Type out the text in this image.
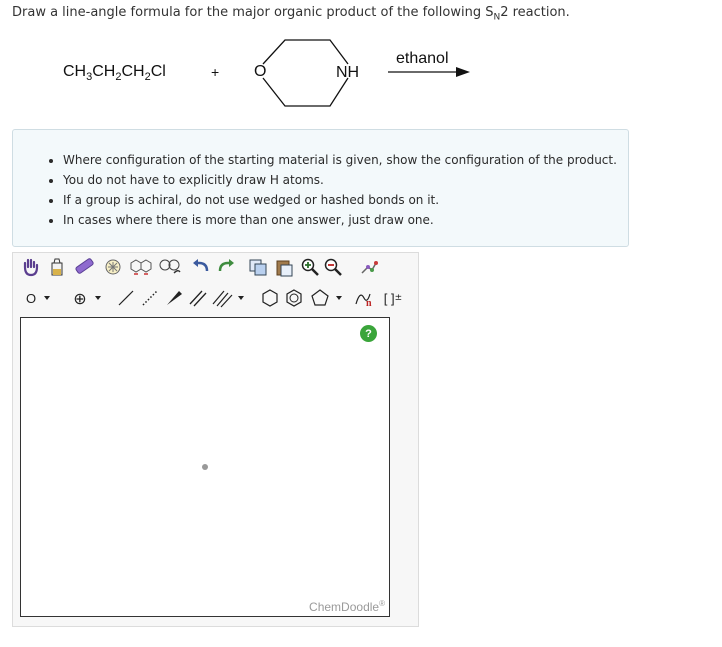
Draw a line-angle formula for the major organic product of the following $S_N2$ reaction.
$CH_3CH_2CH_2Cl$	+ O	NH
ethanol
• Where configuration of the starting material is given, show the configuration of the product.
• You do not have to explicitly draw H atoms.
• If a group is achiral, do not use wedged or hashed bonds on it.
• In cases where there is more than one answer, just draw one.
O ⊕	n [ ] ±
?
ChemDoodle®
